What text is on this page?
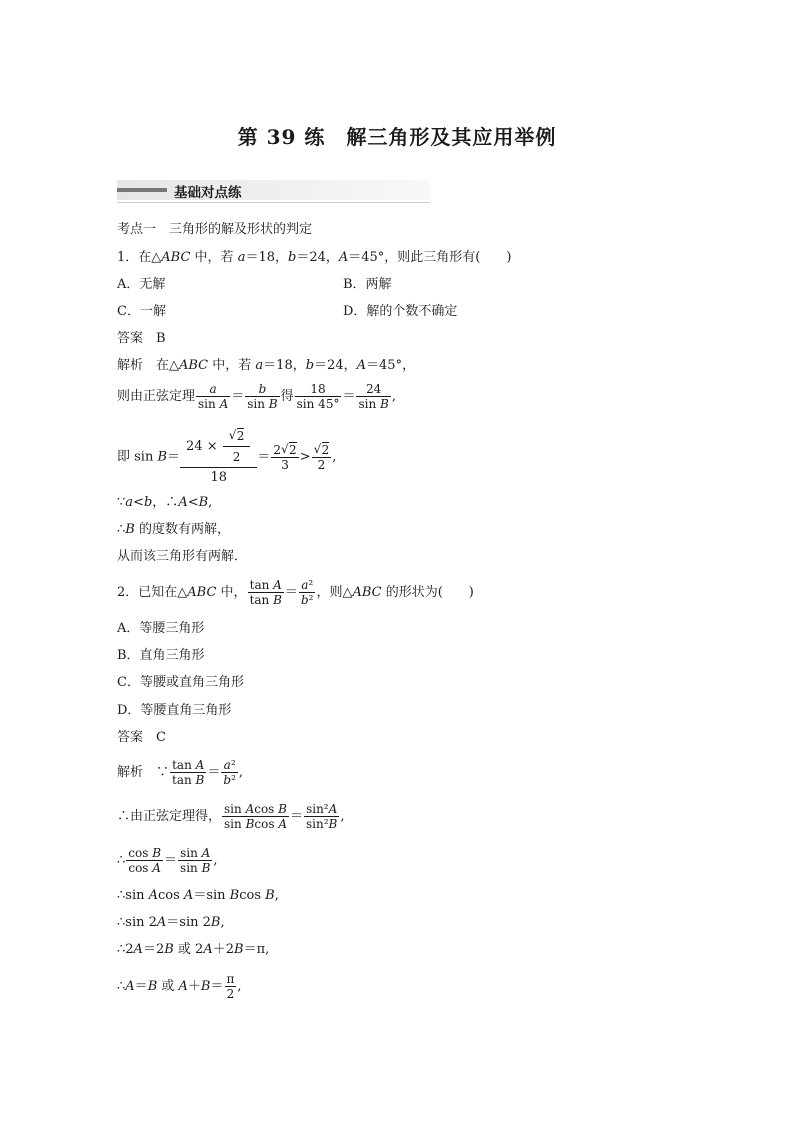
第 39 练　解三角形及其应用举例
基础对点练
考点一　三角形的解及形状的判定
1．在△ABC 中，若 a＝18，b＝24，A＝45°，则此三角形有(　　)
A．无解	B．两解
C．一解	D．解的个数不确定
答案　B
解析　在△ABC 中，若 a＝18，b＝24，A＝45°，
则由正弦定理 $\frac{a}{\text{sin A}} = \frac{b}{\text{sin B}}$ 得 $\frac{18}{\sin 45^\circ} = \frac{24}{\text{sin B}}$ ,
即 sin B＝ 24 ×
√ $\frac{2}{2}$
$18 = \frac{2√ 2}{3}$ >
√ $\frac{2}{2}$ ,
∵a<b，∴A<B,
∴B 的度数有两解，
从而该三角形有两解．
2．已知在△ABC 中， $\frac{\text{tan A}}{\text{tan B}} = \frac{\text{a²}}{\text{b²}}$ ，则△ABC 的形状为(　　)
A．等腰三角形
B．直角三角形
C．等腰或直角三角形
D．等腰直角三角形
答案　C
解析　∵ $\frac{\text{tan A}}{\text{tan B}} = \frac{\text{a²}}{\text{b²}}$ ,
∴由正弦定理得， $\frac{\text{sin Acos B}}{\text{sin Bcos A}} = \frac{\text{sin²A}}{\text{sin²B}}$ ,
∴ $\frac{\text{cos B}}{\text{cos A}} = \frac{\text{sin A}}{\text{sin B}}$ ,
∴sin Acos A＝sin Bcos B,
∴sin 2A＝sin 2B,
∴2A＝2B 或 2A＋2B＝π,
∴A＝B 或 $A+B= \frac{\pi}{2}$ ,
